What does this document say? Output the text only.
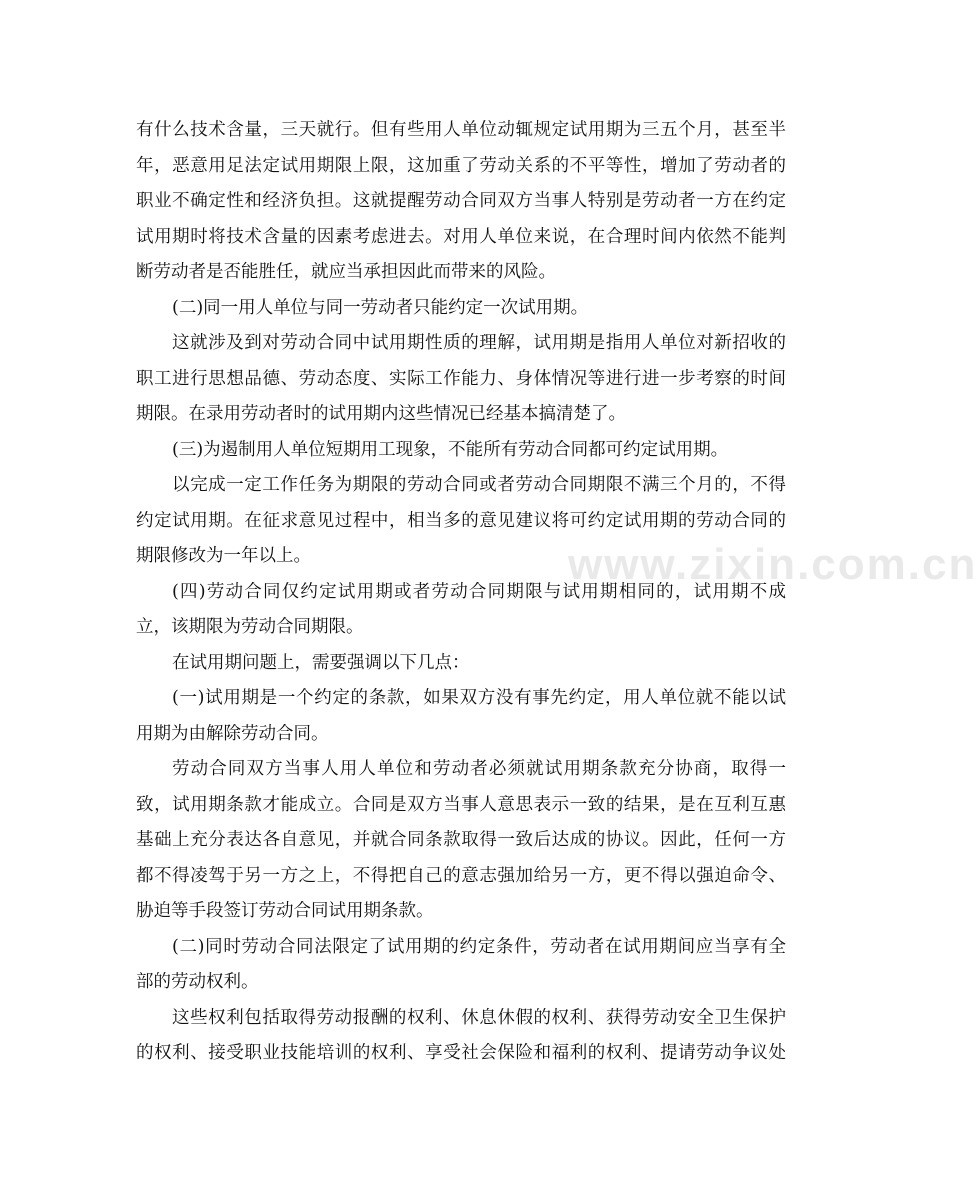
www.zixin.com.cn
有什么技术含量，三天就行。但有些用人单位动辄规定试用期为三五个月，甚至半
年，恶意用足法定试用期限上限，这加重了劳动关系的不平等性，增加了劳动者的
职业不确定性和经济负担。这就提醒劳动合同双方当事人特别是劳动者一方在约定
试用期时将技术含量的因素考虑进去。对用人单位来说，在合理时间内依然不能判
断劳动者是否能胜任，就应当承担因此而带来的风险。
(二)同一用人单位与同一劳动者只能约定一次试用期。
这就涉及到对劳动合同中试用期性质的理解，试用期是指用人单位对新招收的
职工进行思想品德、劳动态度、实际工作能力、身体情况等进行进一步考察的时间
期限。在录用劳动者时的试用期内这些情况已经基本搞清楚了。
(三)为遏制用人单位短期用工现象，不能所有劳动合同都可约定试用期。
以完成一定工作任务为期限的劳动合同或者劳动合同期限不满三个月的，不得
约定试用期。在征求意见过程中，相当多的意见建议将可约定试用期的劳动合同的
期限修改为一年以上。
(四)劳动合同仅约定试用期或者劳动合同期限与试用期相同的，试用期不成
立，该期限为劳动合同期限。
在试用期问题上，需要强调以下几点：
(一)试用期是一个约定的条款，如果双方没有事先约定，用人单位就不能以试
用期为由解除劳动合同。
劳动合同双方当事人用人单位和劳动者必须就试用期条款充分协商，取得一
致，试用期条款才能成立。合同是双方当事人意思表示一致的结果，是在互利互惠
基础上充分表达各自意见，并就合同条款取得一致后达成的协议。因此，任何一方
都不得凌驾于另一方之上，不得把自己的意志强加给另一方，更不得以强迫命令、
胁迫等手段签订劳动合同试用期条款。
(二)同时劳动合同法限定了试用期的约定条件，劳动者在试用期间应当享有全
部的劳动权利。
这些权利包括取得劳动报酬的权利、休息休假的权利、获得劳动安全卫生保护
的权利、接受职业技能培训的权利、享受社会保险和福利的权利、提请劳动争议处
